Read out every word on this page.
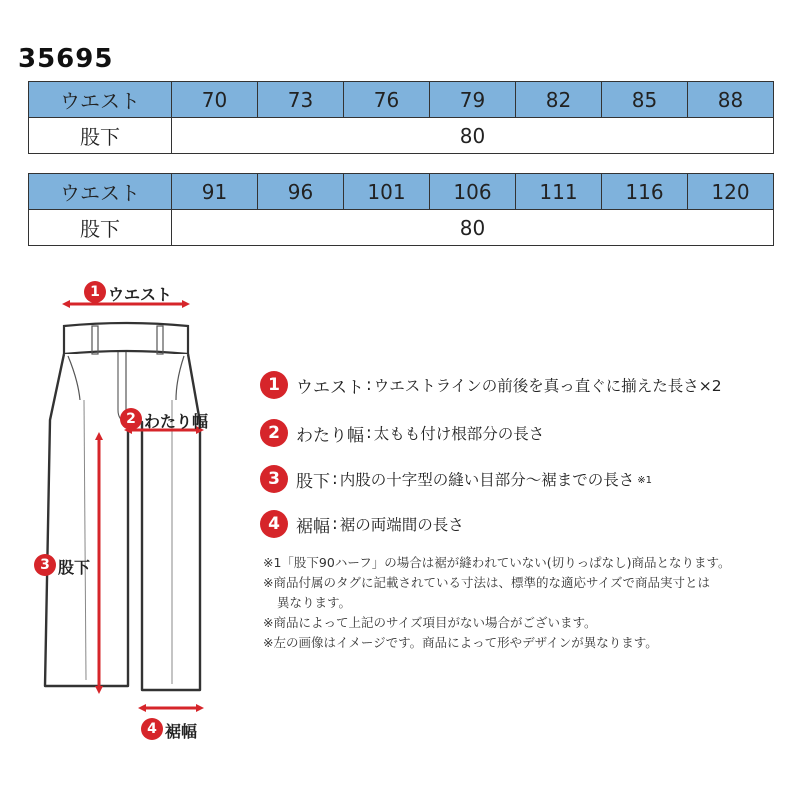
35695
ウエスト	70	73	76	79	82	85	88
股下	80						
ウエスト	91	96	101	106	111	116	120
股下	80						
1 ウエスト
2 わたり幅
3 股下
4 裾幅
1 ウエスト : ウエストラインの前後を真っ直ぐに揃えた長さ×2
2 わたり幅 : 太もも付け根部分の長さ
3 股下 : 内股の十字型の縫い目部分〜裾までの長さ ※1
4 裾幅 : 裾の両端間の長さ
※1「股下90ハーフ」の場合は裾が縫われていない(切りっぱなし)商品となります。
※商品付属のタグに記載されている寸法は、標準的な適応サイズで商品実寸とは
異なります。
※商品によって上記のサイズ項目がない場合がございます。
※左の画像はイメージです。商品によって形やデザインが異なります。
